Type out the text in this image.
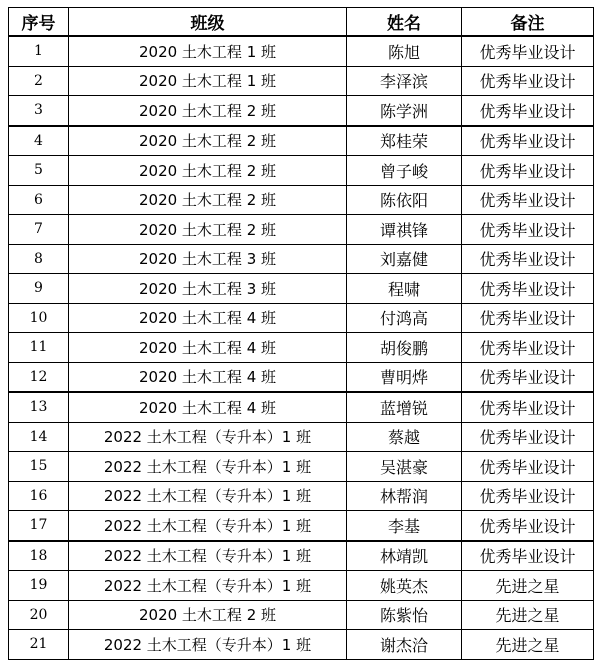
序号	班级	姓名	备注
1	2020 土木工程 1 班	陈旭	优秀毕业设计
2	2020 土木工程 1 班	李泽滨	优秀毕业设计
3	2020 土木工程 2 班	陈学洲	优秀毕业设计
4	2020 土木工程 2 班	郑桂荣	优秀毕业设计
5	2020 土木工程 2 班	曾子峻	优秀毕业设计
6	2020 土木工程 2 班	陈依阳	优秀毕业设计
7	2020 土木工程 2 班	谭祺锋	优秀毕业设计
8	2020 土木工程 3 班	刘嘉健	优秀毕业设计
9	2020 土木工程 3 班	程啸	优秀毕业设计
10	2020 土木工程 4 班	付鸿高	优秀毕业设计
11	2020 土木工程 4 班	胡俊鹏	优秀毕业设计
12	2020 土木工程 4 班	曹明烨	优秀毕业设计
13	2020 土木工程 4 班	蓝增锐	优秀毕业设计
14	2022 土木工程（专升本）1 班	蔡越	优秀毕业设计
15	2022 土木工程（专升本）1 班	吴湛豪	优秀毕业设计
16	2022 土木工程（专升本）1 班	林帮润	优秀毕业设计
17	2022 土木工程（专升本）1 班	李基	优秀毕业设计
18	2022 土木工程（专升本）1 班	林靖凯	优秀毕业设计
19	2022 土木工程（专升本）1 班	姚英杰	先进之星
20	2020 土木工程 2 班	陈紫怡	先进之星
21	2022 土木工程（专升本）1 班	谢杰洽	先进之星
